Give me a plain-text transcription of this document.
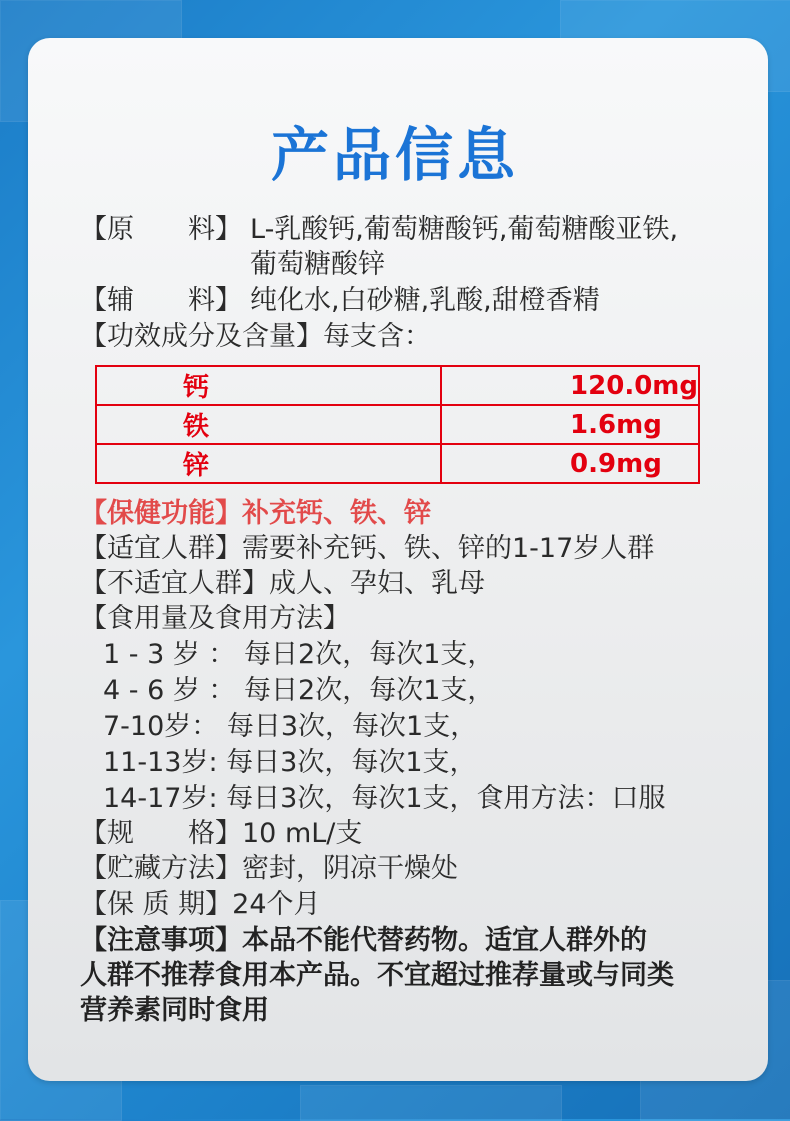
产品信息
【原　　料】 L-乳酸钙,葡萄糖酸钙,葡萄糖酸亚铁,
葡萄糖酸锌
【辅　　料】 纯化水,白砂糖,乳酸,甜橙香精
【功效成分及含量】每支含：
钙	120.0mg
铁	1.6mg
锌	0.9mg
【保健功能】补充钙、铁、锌
【适宜人群】需要补充钙、铁、锌的1-17岁人群
【不适宜人群】成人、孕妇、乳母
【食用量及食用方法】
1 - 3 岁 ： 每日2次，每次1支，
4 - 6 岁 ： 每日2次，每次1支，
7-10岁： 每日3次，每次1支，
11-13岁: 每日3次，每次1支，
14-17岁: 每日3次，每次1支，食用方法：口服
【规　　格】10 mL/支
【贮藏方法】密封，阴凉干燥处
【保 质 期】24个月
【注意事项】本品不能代替药物。适宜人群外的
人群不推荐食用本产品。不宜超过推荐量或与同类
营养素同时食用
